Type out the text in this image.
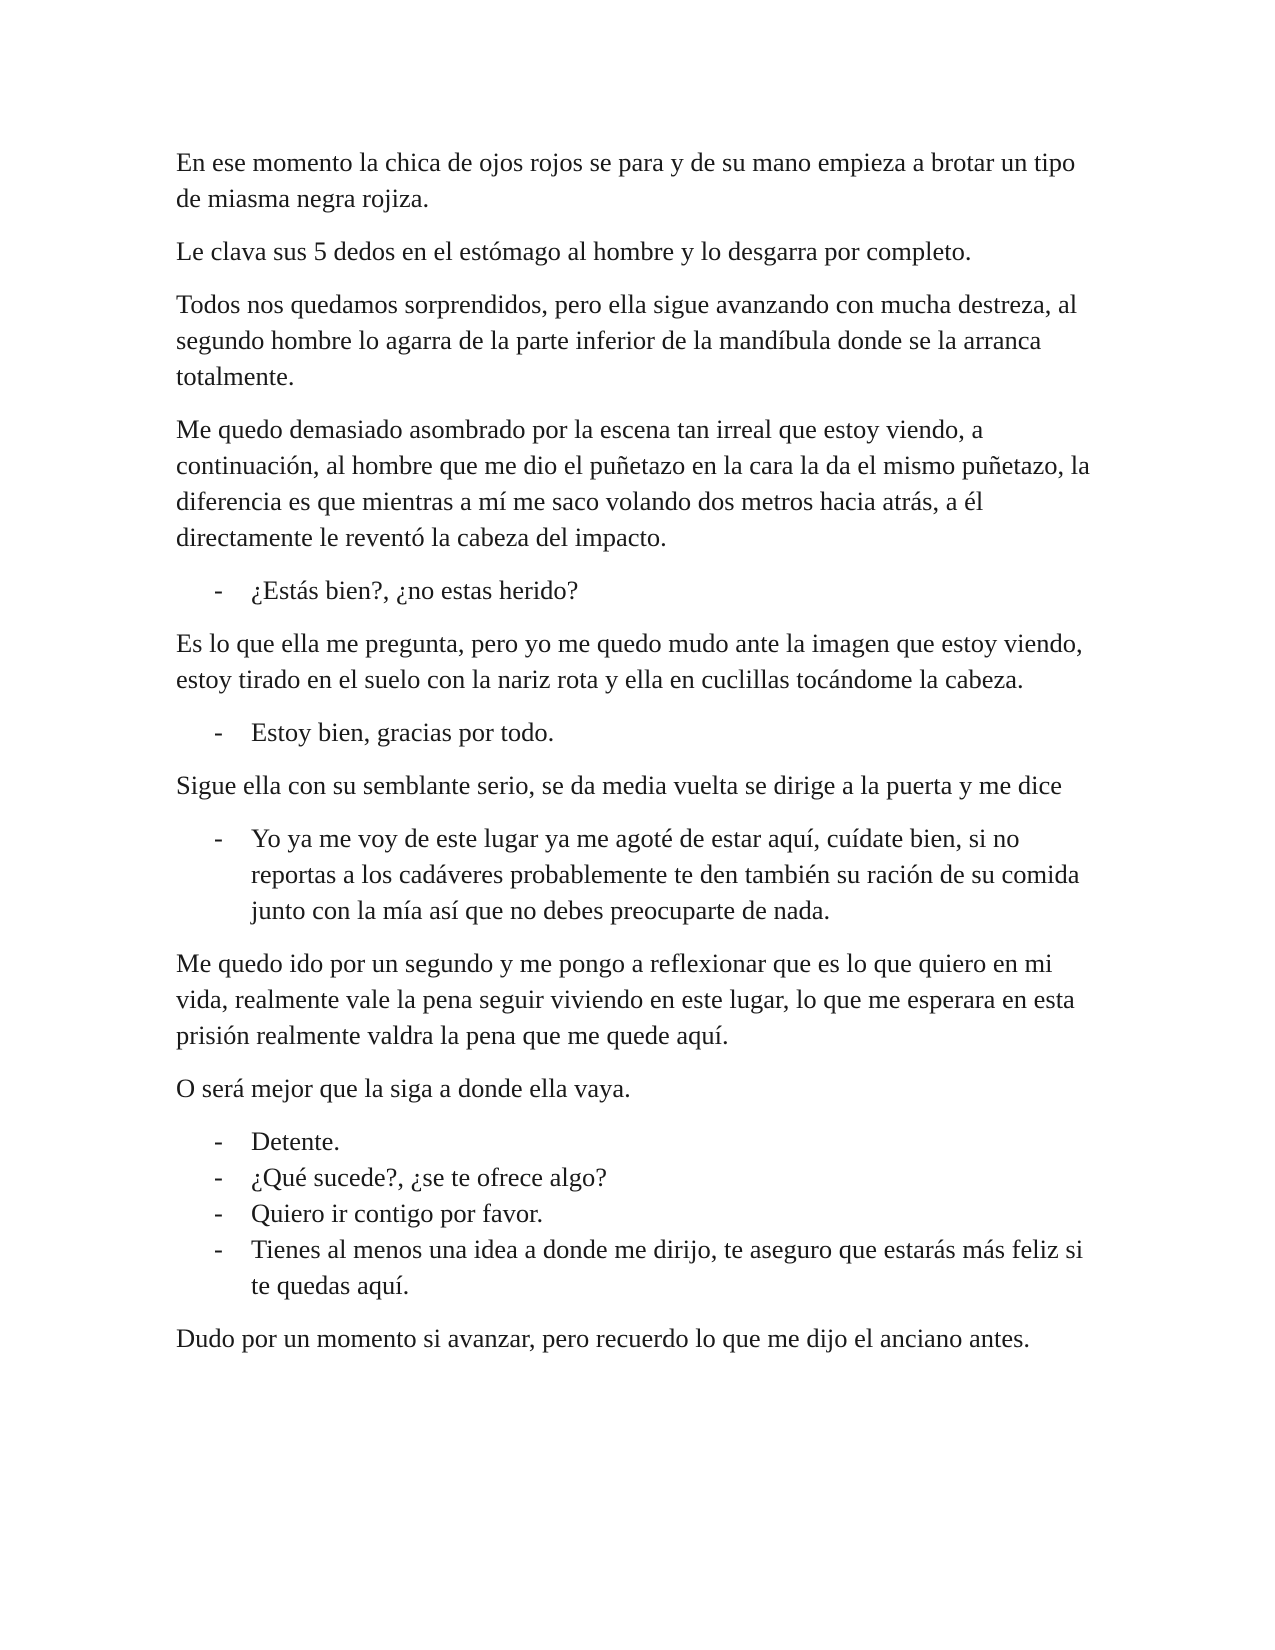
En ese momento la chica de ojos rojos se para y de su mano empieza a brotar un tipo de miasma negra rojiza.

Le clava sus 5 dedos en el estómago al hombre y lo desgarra por completo.

Todos nos quedamos sorprendidos, pero ella sigue avanzando con mucha destreza, al segundo hombre lo agarra de la parte inferior de la mandíbula donde se la arranca totalmente.

Me quedo demasiado asombrado por la escena tan irreal que estoy viendo, a continuación, al hombre que me dio el puñetazo en la cara la da el mismo puñetazo, la diferencia es que mientras a mí me saco volando dos metros hacia atrás, a él directamente le reventó la cabeza del impacto.

- ¿Estás bien?, ¿no estas herido?

Es lo que ella me pregunta, pero yo me quedo mudo ante la imagen que estoy viendo, estoy tirado en el suelo con la nariz rota y ella en cuclillas tocándome la cabeza.

- Estoy bien, gracias por todo.

Sigue ella con su semblante serio, se da media vuelta se dirige a la puerta y me dice

- Yo ya me voy de este lugar ya me agoté de estar aquí, cuídate bien, si no reportas a los cadáveres probablemente te den también su ración de su comida junto con la mía así que no debes preocuparte de nada.

Me quedo ido por un segundo y me pongo a reflexionar que es lo que quiero en mi vida, realmente vale la pena seguir viviendo en este lugar, lo que me esperara en esta prisión realmente valdra la pena que me quede aquí.

O será mejor que la siga a donde ella vaya.

- Detente.
- ¿Qué sucede?, ¿se te ofrece algo?
- Quiero ir contigo por favor.
- Tienes al menos una idea a donde me dirijo, te aseguro que estarás más feliz si te quedas aquí.

Dudo por un momento si avanzar, pero recuerdo lo que me dijo el anciano antes.
